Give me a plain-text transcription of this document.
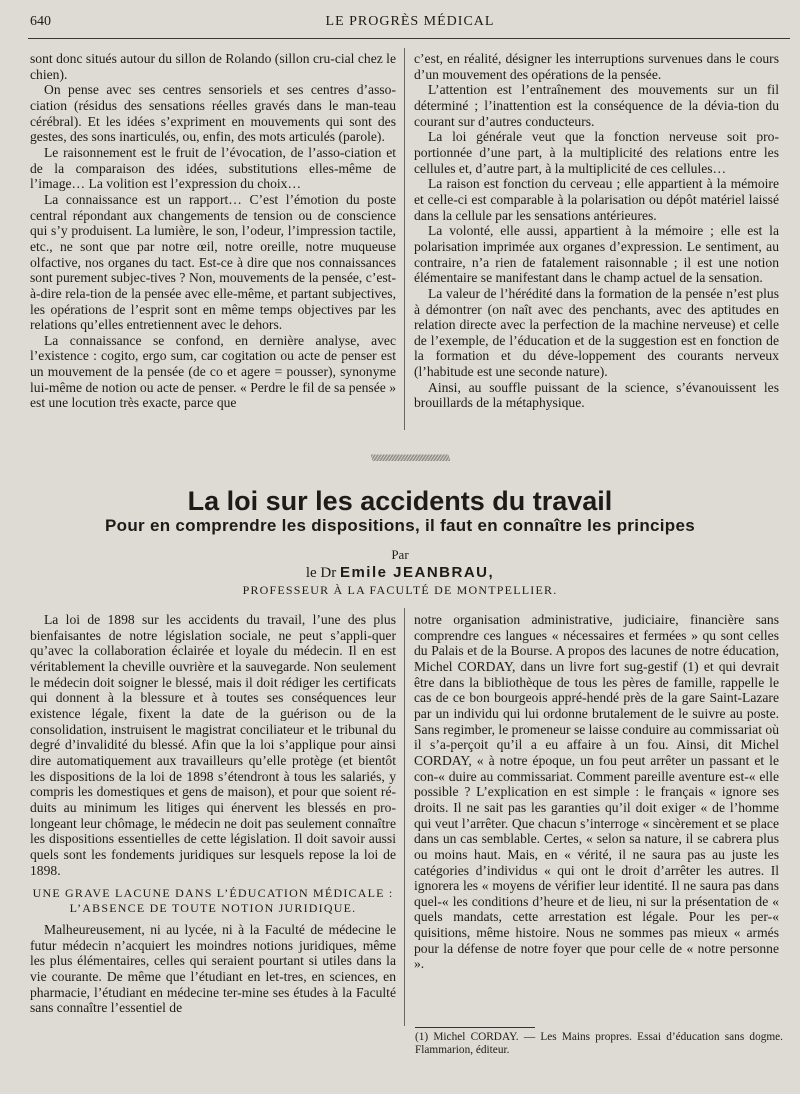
640	LE PROGRÈS MÉDICAL

sont donc situés autour du sillon de Rolando (sillon cru-cial chez le chien).

On pense avec ses centres sensoriels et ses centres d’asso-ciation (résidus des sensations réelles gravés dans le man-teau cérébral). Et les idées s’expriment en mouvements qui sont des gestes, des sons inarticulés, ou, enfin, des mots articulés (parole).

Le raisonnement est le fruit de l’évocation, de l’asso-ciation et de la comparaison des idées, substitutions elles-même de l’image… La volition est l’expression du choix…

La connaissance est un rapport… C’est l’émotion du poste central répondant aux changements de tension ou de conscience qui s’y produisent. La lumière, le son, l’odeur, l’impression tactile, etc., ne sont que par notre œil, notre oreille, notre muqueuse olfactive, nos organes du tact. Est-ce à dire que nos connaissances sont purement subjec-tives ? Non, mouvements de la pensée, c’est-à-dire rela-tion de la pensée avec elle-même, et partant subjectives, les opérations de l’esprit sont en même temps objectives par les relations qu’elles entretiennent avec le dehors.

La connaissance se confond, en dernière analyse, avec l’existence : cogito, ergo sum, car cogitation ou acte de penser est un mouvement de la pensée (de co et agere = pousser), synonyme lui-même de notion ou acte de penser. « Perdre le fil de sa pensée » est une locution très exacte, parce que

c’est, en réalité, désigner les interruptions survenues dans le cours d’un mouvement des opérations de la pensée.

L’attention est l’entraînement des mouvements sur un fil déterminé ; l’inattention est la conséquence de la dévia-tion du courant sur d’autres conducteurs.

La loi générale veut que la fonction nerveuse soit pro-portionnée d’une part, à la multiplicité des relations entre les cellules et, d’autre part, à la multiplicité de ces cellules…

La raison est fonction du cerveau ; elle appartient à la mémoire et celle-ci est comparable à la polarisation ou dépôt matériel laissé dans la cellule par les sensations antérieures.

La volonté, elle aussi, appartient à la mémoire ; elle est la polarisation imprimée aux organes d’expression. Le sentiment, au contraire, n’a rien de fatalement raisonnable ; il est une notion élémentaire se manifestant dans le champ actuel de la sensation.

La valeur de l’hérédité dans la formation de la pensée n’est plus à démontrer (on naît avec des penchants, avec des aptitudes en relation directe avec la perfection de la machine nerveuse) et celle de l’exemple, de l’éducation et de la suggestion est en fonction de la formation et du déve-loppement des courants nerveux (l’habitude est une seconde nature).

Ainsi, au souffle puissant de la science, s’évanouissent les brouillards de la métaphysique.

\\\\\\\\\\\\\\\\\\\\\\\\\\\\\\\\\\\\\\\\\\\\\\\\\\\\
La loi sur les accidents du travail
Pour en comprendre les dispositions, il faut en connaître les principes
Par
le Dr Emile JEANBRAU,
PROFESSEUR À LA FACULTÉ DE MONTPELLIER.

La loi de 1898 sur les accidents du travail, l’une des plus bienfaisantes de notre législation sociale, ne peut s’appli-quer qu’avec la collaboration éclairée et loyale du médecin. Il en est véritablement la cheville ouvrière et la sauvegarde. Non seulement le médecin doit soigner le blessé, mais il doit rédiger les certificats qui donnent à la blessure et à toutes ses conséquences leur existence légale, fixent la date de la guérison ou de la consolidation, instruisent le magistrat conciliateur et le tribunal du degré d’invalidité du blessé. Afin que la loi s’applique pour ainsi dire automatiquement aux travailleurs qu’elle protège (et bientôt les dispositions de la loi de 1898 s’étendront à tous les salariés, y compris les domestiques et gens de maison), et pour que soient ré-duits au minimum les litiges qui énervent les blessés en pro-longeant leur chômage, le médecin ne doit pas seulement connaître les dispositions essentielles de cette législation. Il doit savoir aussi quels sont les fondements juridiques sur lesquels repose la loi de 1898.

UNE GRAVE LACUNE DANS L’ÉDUCATION MÉDICALE :
L’ABSENCE DE TOUTE NOTION JURIDIQUE.

Malheureusement, ni au lycée, ni à la Faculté de médecine le futur médecin n’acquiert les moindres notions juridiques, même les plus élémentaires, celles qui seraient pourtant si utiles dans la vie courante. De même que l’étudiant en let-tres, en sciences, en pharmacie, l’étudiant en médecine ter-mine ses études à la Faculté sans connaître l’essentiel de

notre organisation administrative, judiciaire, financière sans comprendre ces langues « nécessaires et fermées » qu sont celles du Palais et de la Bourse. A propos des lacunes de notre éducation, Michel CORDAY, dans un livre fort sug-gestif (1) et qui devrait être dans la bibliothèque de tous les pères de famille, rappelle le cas de ce bon bourgeois appré-hendé près de la gare Saint-Lazare par un individu qui lui ordonne brutalement de le suivre au poste. Sans regimber, le promeneur se laisse conduire au commissariat où il s’a-perçoit qu’il a eu affaire à un fou. Ainsi, dit Michel CORDAY, « à notre époque, un fou peut arrêter un passant et le con-« duire au commissariat. Comment pareille aventure est-« elle possible ? L’explication en est simple : le français « ignore ses droits. Il ne sait pas les garanties qu’il doit exiger « de l’homme qui veut l’arrêter. Que chacun s’interroge « sincèrement et se place dans un cas semblable. Certes, « selon sa nature, il se cabrera plus ou moins haut. Mais, en « vérité, il ne saura pas au juste les catégories d’individus « qui ont le droit d’arrêter les autres. Il ignorera les « moyens de vérifier leur identité. Il ne saura pas dans quel-« les conditions d’heure et de lieu, ni sur la présentation de « quels mandats, cette arrestation est légale. Pour les per-« quisitions, même histoire. Nous ne sommes pas mieux « armés pour la défense de notre foyer que pour celle de « notre personne ».

(1) Michel CORDAY. — Les Mains propres. Essai d’éducation sans dogme. Flammarion, éditeur.
